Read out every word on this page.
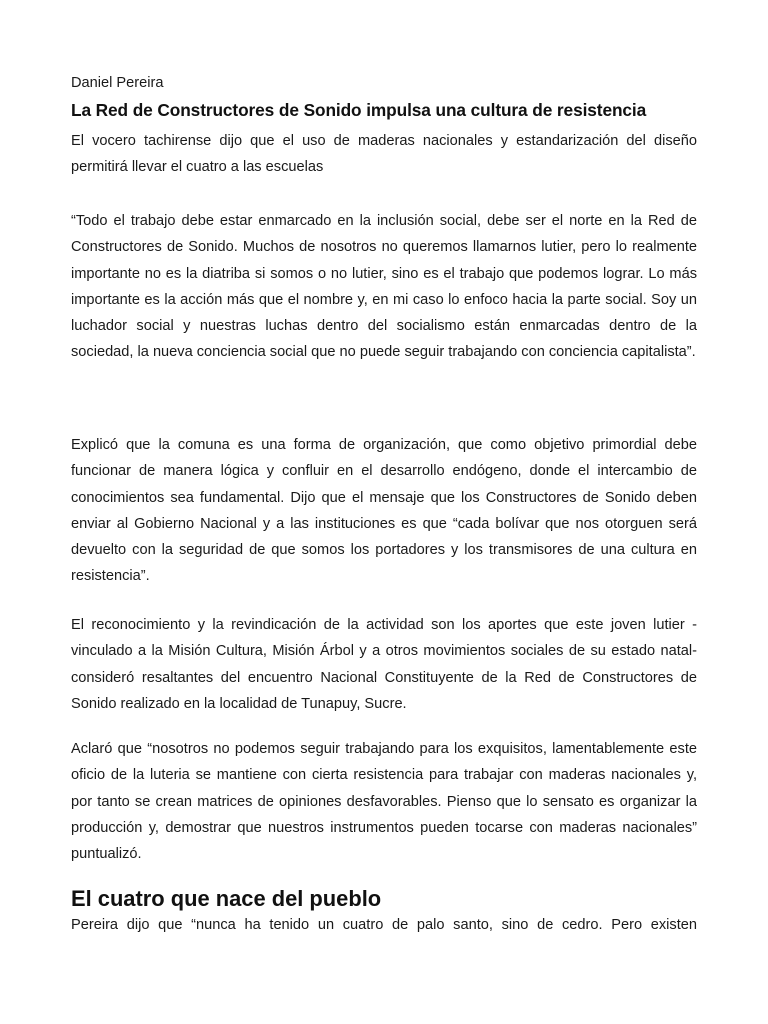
Daniel Pereira

La Red de Constructores de Sonido impulsa una cultura de resistencia

El vocero tachirense dijo que el uso de maderas nacionales y estandarización del diseño permitirá llevar el cuatro a las escuelas

“Todo el trabajo debe estar enmarcado en la inclusión social, debe ser el norte en la Red de Constructores de Sonido. Muchos de nosotros no queremos llamarnos lutier, pero lo realmente importante no es la diatriba si somos o no lutier, sino es el trabajo que podemos lograr. Lo más importante es la acción más que el nombre y, en mi caso lo enfoco hacia la parte social. Soy un luchador social y nuestras luchas dentro del socialismo están enmarcadas dentro de la sociedad, la nueva conciencia social que no puede seguir trabajando con conciencia capitalista”.

Explicó que la comuna es una forma de organización, que como objetivo primordial debe funcionar de manera lógica y confluir en el desarrollo endógeno, donde el intercambio de conocimientos sea fundamental. Dijo que el mensaje que los Constructores de Sonido deben enviar al Gobierno Nacional y a las instituciones es que “cada bolívar que nos otorguen será devuelto con la seguridad de que somos los portadores y los transmisores de una cultura en resistencia”.

El reconocimiento y la revindicación de la actividad son los aportes que este joven lutier -vinculado a la Misión Cultura, Misión Árbol y a otros movimientos sociales de su estado natal- consideró resaltantes del encuentro Nacional Constituyente de la Red de Constructores de Sonido realizado en la localidad de Tunapuy, Sucre.

Aclaró que “nosotros no podemos seguir trabajando para los exquisitos, lamentablemente este oficio de la luteria se mantiene con cierta resistencia para trabajar con maderas nacionales y, por tanto se crean matrices de opiniones desfavorables. Pienso que lo sensato es organizar la producción y, demostrar que nuestros instrumentos pueden tocarse con maderas nacionales” puntualizó.

El cuatro que nace del pueblo

Pereira dijo que “nunca ha tenido un cuatro de palo santo, sino de cedro. Pero existen
